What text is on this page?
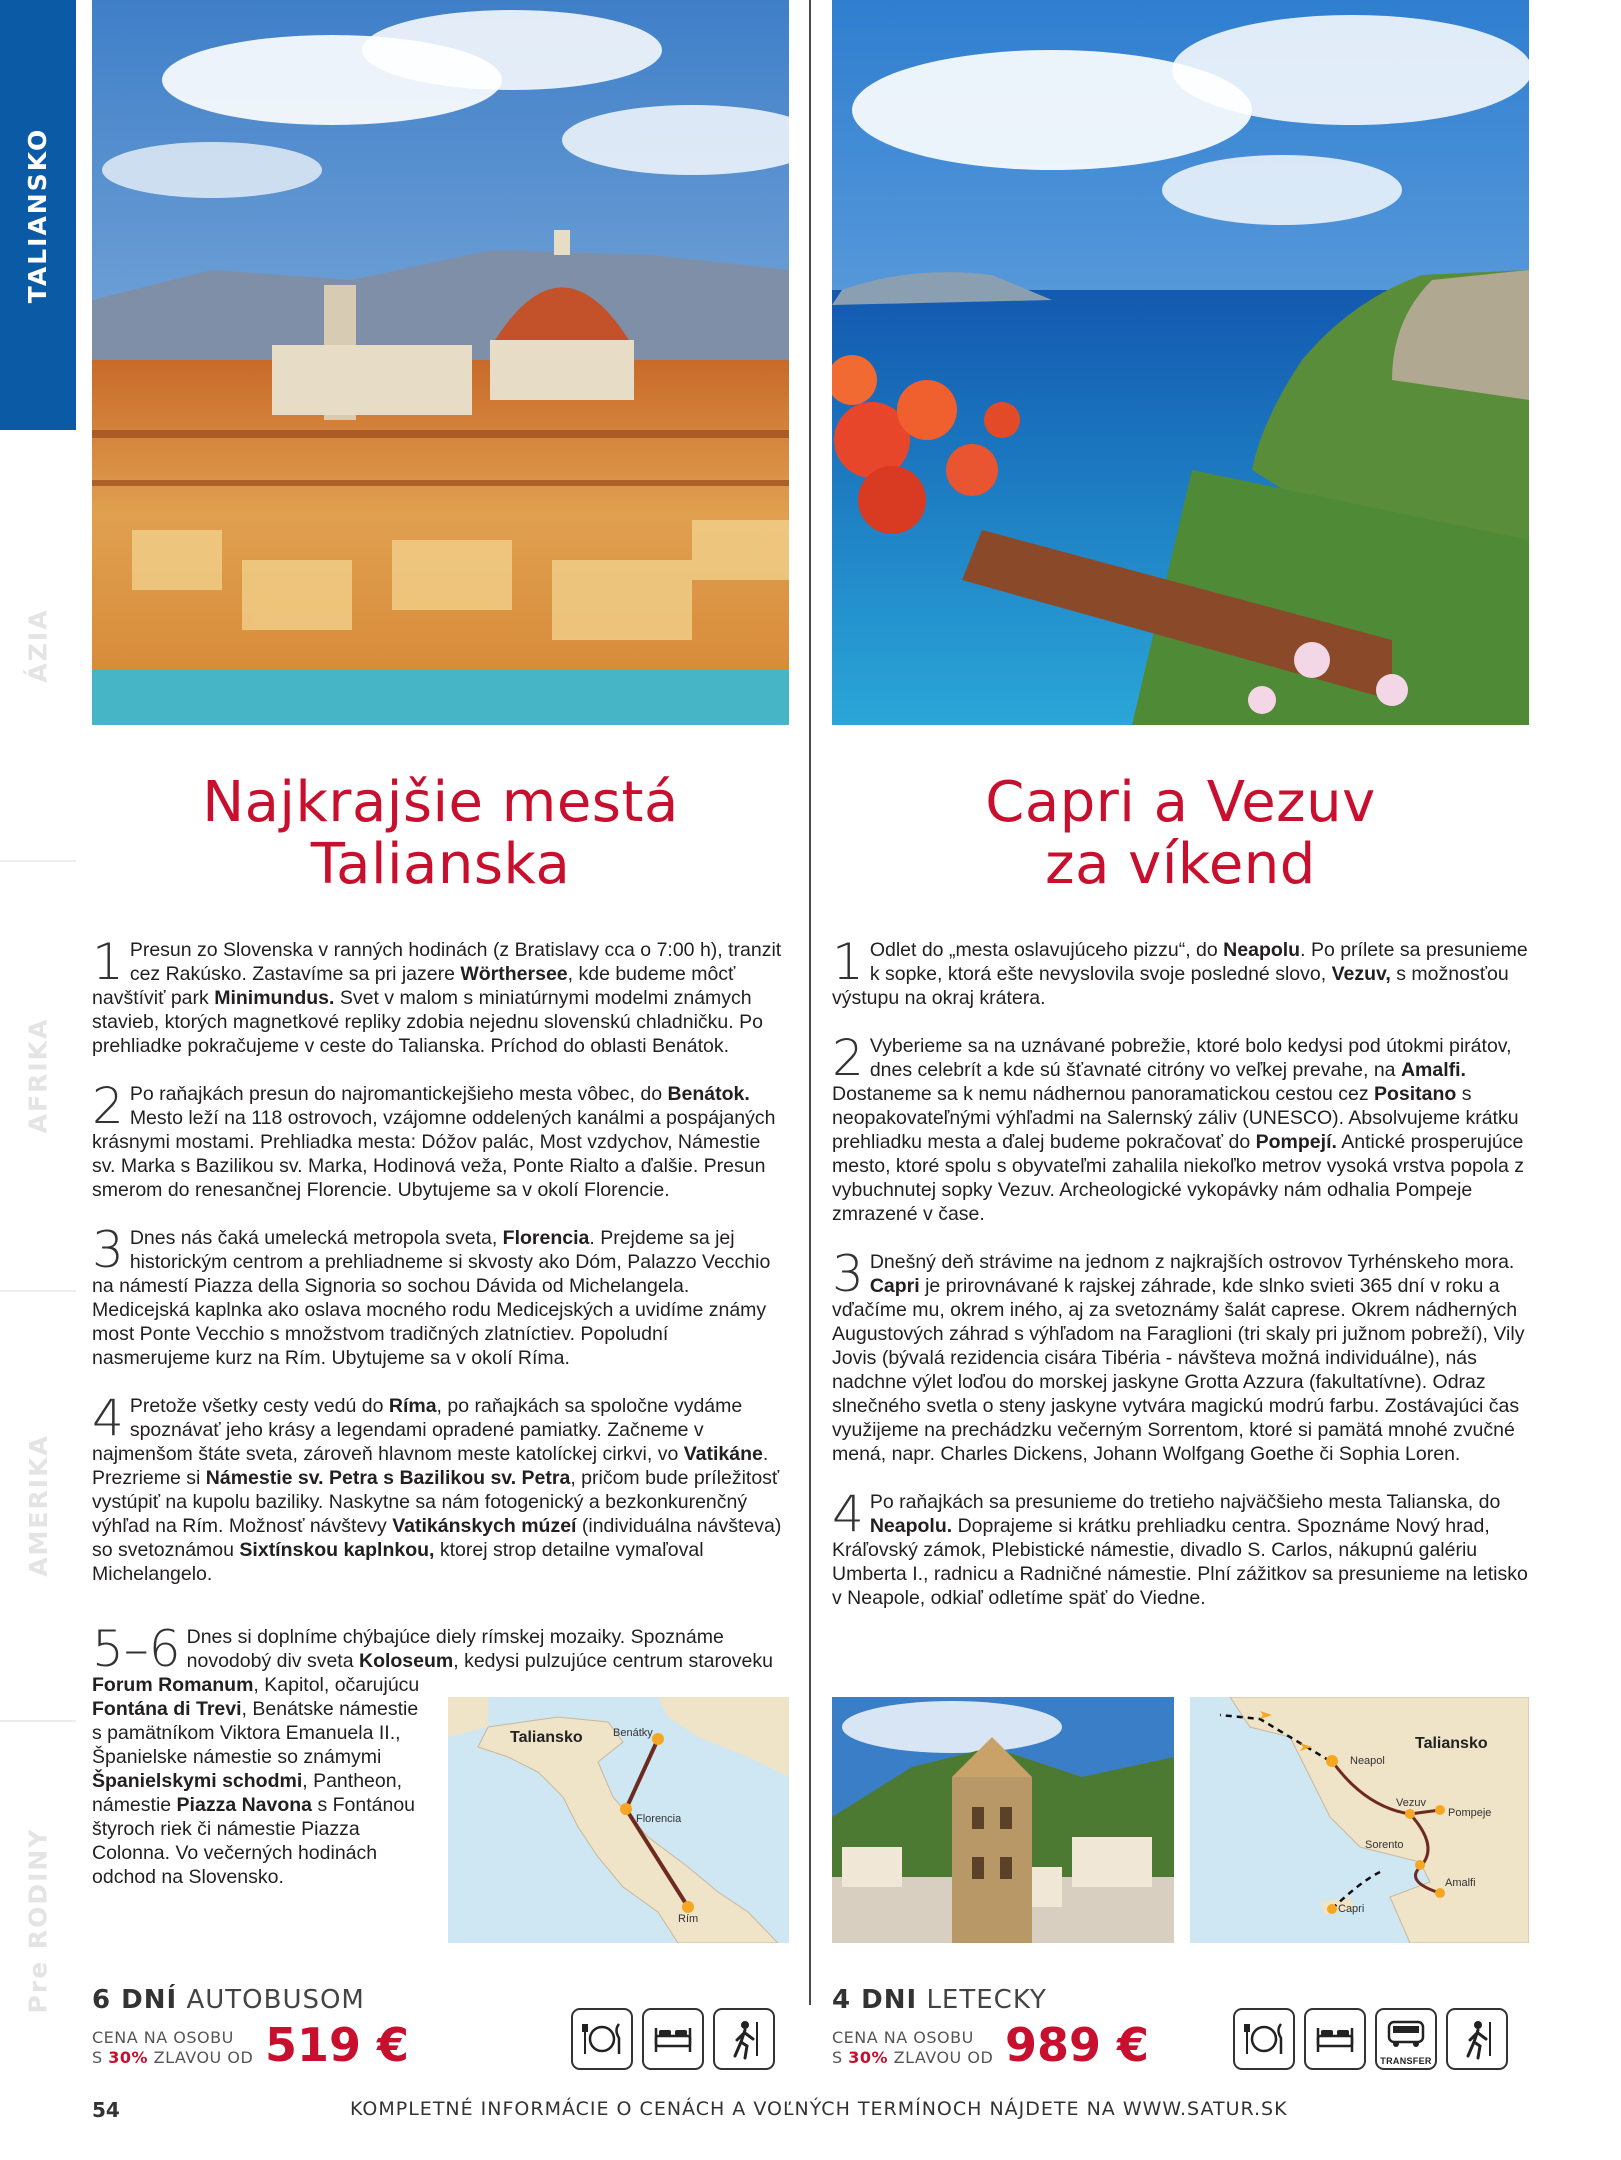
TALIANSKO
ÁZIA
AFRIKA
AMERIKA
Pre RODINY
Najkrajšie mestá
Talianska
Capri a Vezuv
za víkend
1 Presun zo Slovenska v ranných hodinách (z Bratislavy cca o 7:00 h), tranzit cez Rakúsko. Zastavíme sa pri jazere Wörthersee, kde budeme môcť navštíviť park Minimundus. Svet v malom s miniatúrnymi modelmi známych stavieb, ktorých magnetkové repliky zdobia nejednu slovenskú chladničku. Po prehliadke pokračujeme v ceste do Talianska. Príchod do oblasti Benátok.
2 Po raňajkách presun do najromantickejšieho mesta vôbec, do Benátok. Mesto leží na 118 ostrovoch, vzájomne oddelených kanálmi a pospájaných krásnymi mostami. Prehliadka mesta: Dóžov palác, Most vzdychov, Námestie sv. Marka s Bazilikou sv. Marka, Hodinová veža, Ponte Rialto a ďalšie. Presun smerom do renesančnej Florencie. Ubytujeme sa v okolí Florencie.
3 Dnes nás čaká umelecká metropola sveta, Florencia. Prejdeme sa jej historickým centrom a prehliadneme si skvosty ako Dóm, Palazzo Vecchio na námestí Piazza della Signoria so sochou Dávida od Michelangela. Medicejská kaplnka ako oslava mocného rodu Medicejských a uvidíme známy most Ponte Vecchio s množstvom tradičných zlatníctiev. Popoludní nasmerujeme kurz na Rím. Ubytujeme sa v okolí Ríma.
4 Pretože všetky cesty vedú do Ríma, po raňajkách sa spoločne vydáme spoznávať jeho krásy a legendami opradené pamiatky. Začneme v najmenšom štáte sveta, zároveň hlavnom meste katolíckej cirkvi, vo Vatikáne. Prezrieme si Námestie sv. Petra s Bazilikou sv. Petra, pričom bude príležitosť vystúpiť na kupolu baziliky. Naskytne sa nám fotogenický a bezkonkurenčný výhľad na Rím. Možnosť návštevy Vatikánskych múzeí (individuálna návšteva) so svetoznámou Sixtínskou kaplnkou, ktorej strop detailne vymaľoval Michelangelo.
5–6 Dnes si doplníme chýbajúce diely rímskej mozaiky. Spoznáme novodobý div sveta Koloseum, kedysi pulzujúce centrum staroveku
Forum Romanum, Kapitol, očarujúcu Fontána di Trevi, Benátske námestie s pamätníkom Viktora Emanuela II., Španielske námestie so známymi Španielskymi schodmi, Pantheon, námestie Piazza Navona s Fontánou štyroch riek či námestie Piazza Colonna. Vo večerných hodinách odchod na Slovensko.
Taliansko	Benátky
Florencia
Rím
1 Odlet do „mesta oslavujúceho pizzu“, do Neapolu. Po prílete sa presunieme k sopke, ktorá ešte nevyslovila svoje posledné slovo, Vezuv, s možnosťou výstupu na okraj krátera.
2 Vyberieme sa na uznávané pobrežie, ktoré bolo kedysi pod útokmi pirátov, dnes celebrít a kde sú šťavnaté citróny vo veľkej prevahe, na Amalfi. Dostaneme sa k nemu nádhernou panoramatickou cestou cez Positano s neopakovateľnými výhľadmi na Salernský záliv (UNESCO). Absolvujeme krátku prehliadku mesta a ďalej budeme pokračovať do Pompejí. Antické prosperujúce mesto, ktoré spolu s obyvateľmi zahalila niekoľko metrov vysoká vrstva popola z vybuchnutej sopky Vezuv. Archeologické vykopávky nám odhalia Pompeje zmrazené v čase.
3 Dnešný deň strávime na jednom z najkrajších ostrovov Tyrhénskeho mora. Capri je prirovnávané k rajskej záhrade, kde slnko svieti 365 dní v roku a vďačíme mu, okrem iného, aj za svetoznámy šalát caprese. Okrem nádherných Augustových záhrad s výhľadom na Faraglioni (tri skaly pri južnom pobreží), Vily Jovis (bývalá rezidencia cisára Tibéria - návšteva možná individuálne), nás nadchne výlet loďou do morskej jaskyne Grotta Azzura (fakultatívne). Odraz slnečného svetla o steny jaskyne vytvára magickú modrú farbu. Zostávajúci čas využijeme na prechádzku večerným Sorrentom, ktoré si pamätá mnohé zvučné mená, napr. Charles Dickens, Johann Wolfgang Goethe či Sophia Loren.
4 Po raňajkách sa presunieme do tretieho najväčšieho mesta Talianska, do Neapolu. Doprajeme si krátku prehliadku centra. Spoznáme Nový hrad, Kráľovský zámok, Plebistické námestie, divadlo S. Carlos, nákupnú galériu Umberta I., radnicu a Radničné námestie. Plní zážitkov sa presunieme na letisko v Neapole, odkiaľ odletíme späť do Viedne.
Taliansko
Neapol
Vezuv
Pompeje
Sorento
Amalfi
Capri
6 DNÍ AUTOBUSOM
CENA NA OSOBU
S 30% ZLAVOU OD 519 €
4 DNI LETECKY
CENA NA OSOBU
S 30% ZLAVOU OD 989 €	TRANSFER
54	KOMPLETNÉ INFORMÁCIE O CENÁCH A VOĽNÝCH TERMÍNOCH NÁJDETE NA WWW.SATUR.SK
